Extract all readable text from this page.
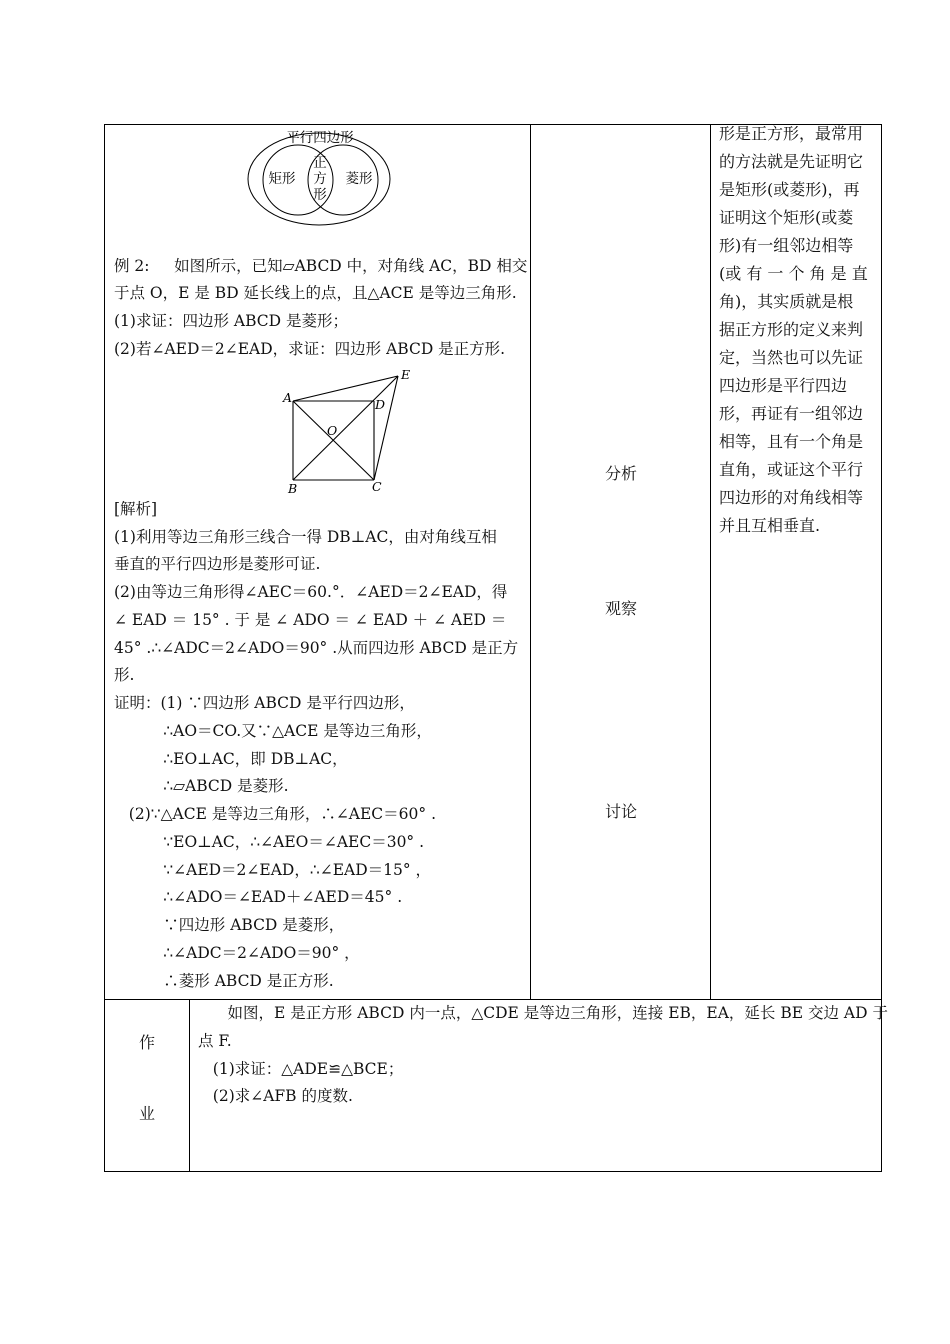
平行四边形
矩形	菱形
正
方
形
例 2:     如图所示，已知▱ABCD 中，对角线 AC，BD 相交
于点 O，E 是 BD 延长线上的点，且△ACE 是等边三角形.
(1)求证：四边形 ABCD 是菱形；
(2)若∠AED＝2∠EAD，求证：四边形 ABCD 是正方形.
A
B	C
D
E
O
[解析]
(1)利用等边三角形三线合一得 DB⊥AC，由对角线互相
垂直的平行四边形是菱形可证.
(2)由等边三角形得∠AEC＝60.°．∠AED＝2∠EAD，得
∠ EAD ＝ 15° . 于 是 ∠ ADO ＝ ∠ EAD ＋ ∠ AED ＝
45° .∴∠ADC＝2∠ADO＝90° .从而四边形 ABCD 是正方
形.
证明：(1) ∵四边形 ABCD 是平行四边形，
∴AO＝CO.又∵△ACE 是等边三角形，
∴EO⊥AC，即 DB⊥AC，
∴▱ABCD 是菱形.
(2)∵△ACE 是等边三角形，∴∠AEC＝60° .
∵EO⊥AC，∴∠AEO＝∠AEC＝30° .
∵∠AED＝2∠EAD，∴∠EAD＝15° ，
∴∠ADO＝∠EAD＋∠AED＝45° .
∵四边形 ABCD 是菱形，
∴∠ADC＝2∠ADO＝90° ，
∴菱形 ABCD 是正方形.
分析
观察
讨论
形是正方形，最常用
的方法就是先证明它
是矩形(或菱形)，再
证明这个矩形(或菱
形)有一组邻边相等
(或 有 一 个 角 是 直
角)，其实质就是根
据正方形的定义来判
定，当然也可以先证
四边形是平行四边
形，再证有一组邻边
相等，且有一个角是
直角，或证这个平行
四边形的对角线相等
并且互相垂直.
作
业
如图，E 是正方形 ABCD 内一点，△CDE 是等边三角形，连接 EB，EA，延长 BE 交边 AD 于
点 F.
(1)求证：△ADE≌△BCE；
(2)求∠AFB 的度数.
